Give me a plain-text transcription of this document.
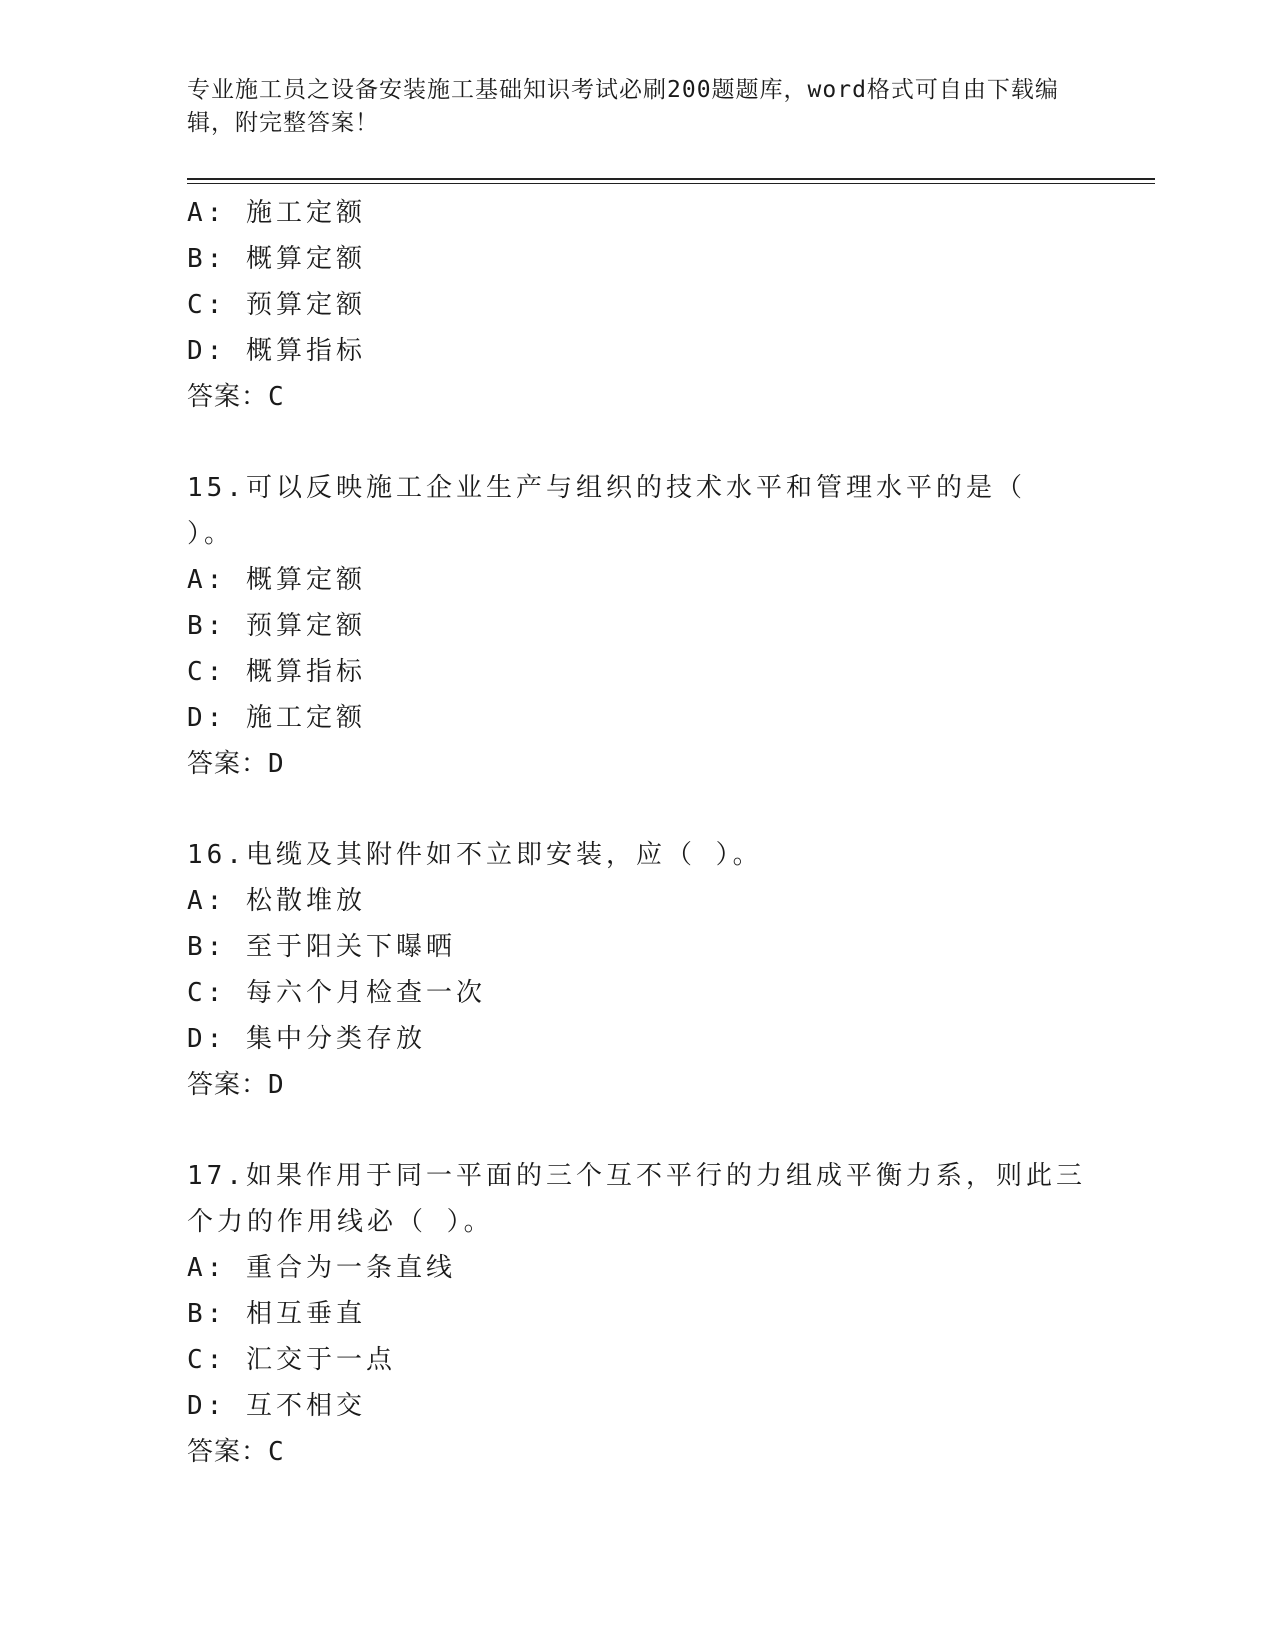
专业施工员之设备安装施工基础知识考试必刷200题题库，word格式可自由下载编辑，附完整答案！
A: 施工定额
B: 概算定额
C: 预算定额
D: 概算指标
答案：C
15.可以反映施工企业生产与组织的技术水平和管理水平的是（ ）。
A: 概算定额
B: 预算定额
C: 概算指标
D: 施工定额
答案：D
16.电缆及其附件如不立即安装，应（ ）。
A: 松散堆放
B: 至于阳关下曝晒
C: 每六个月检查一次
D: 集中分类存放
答案：D
17.如果作用于同一平面的三个互不平行的力组成平衡力系，则此三个力的作用线必（ ）。
A: 重合为一条直线
B: 相互垂直
C: 汇交于一点
D: 互不相交
答案：C
